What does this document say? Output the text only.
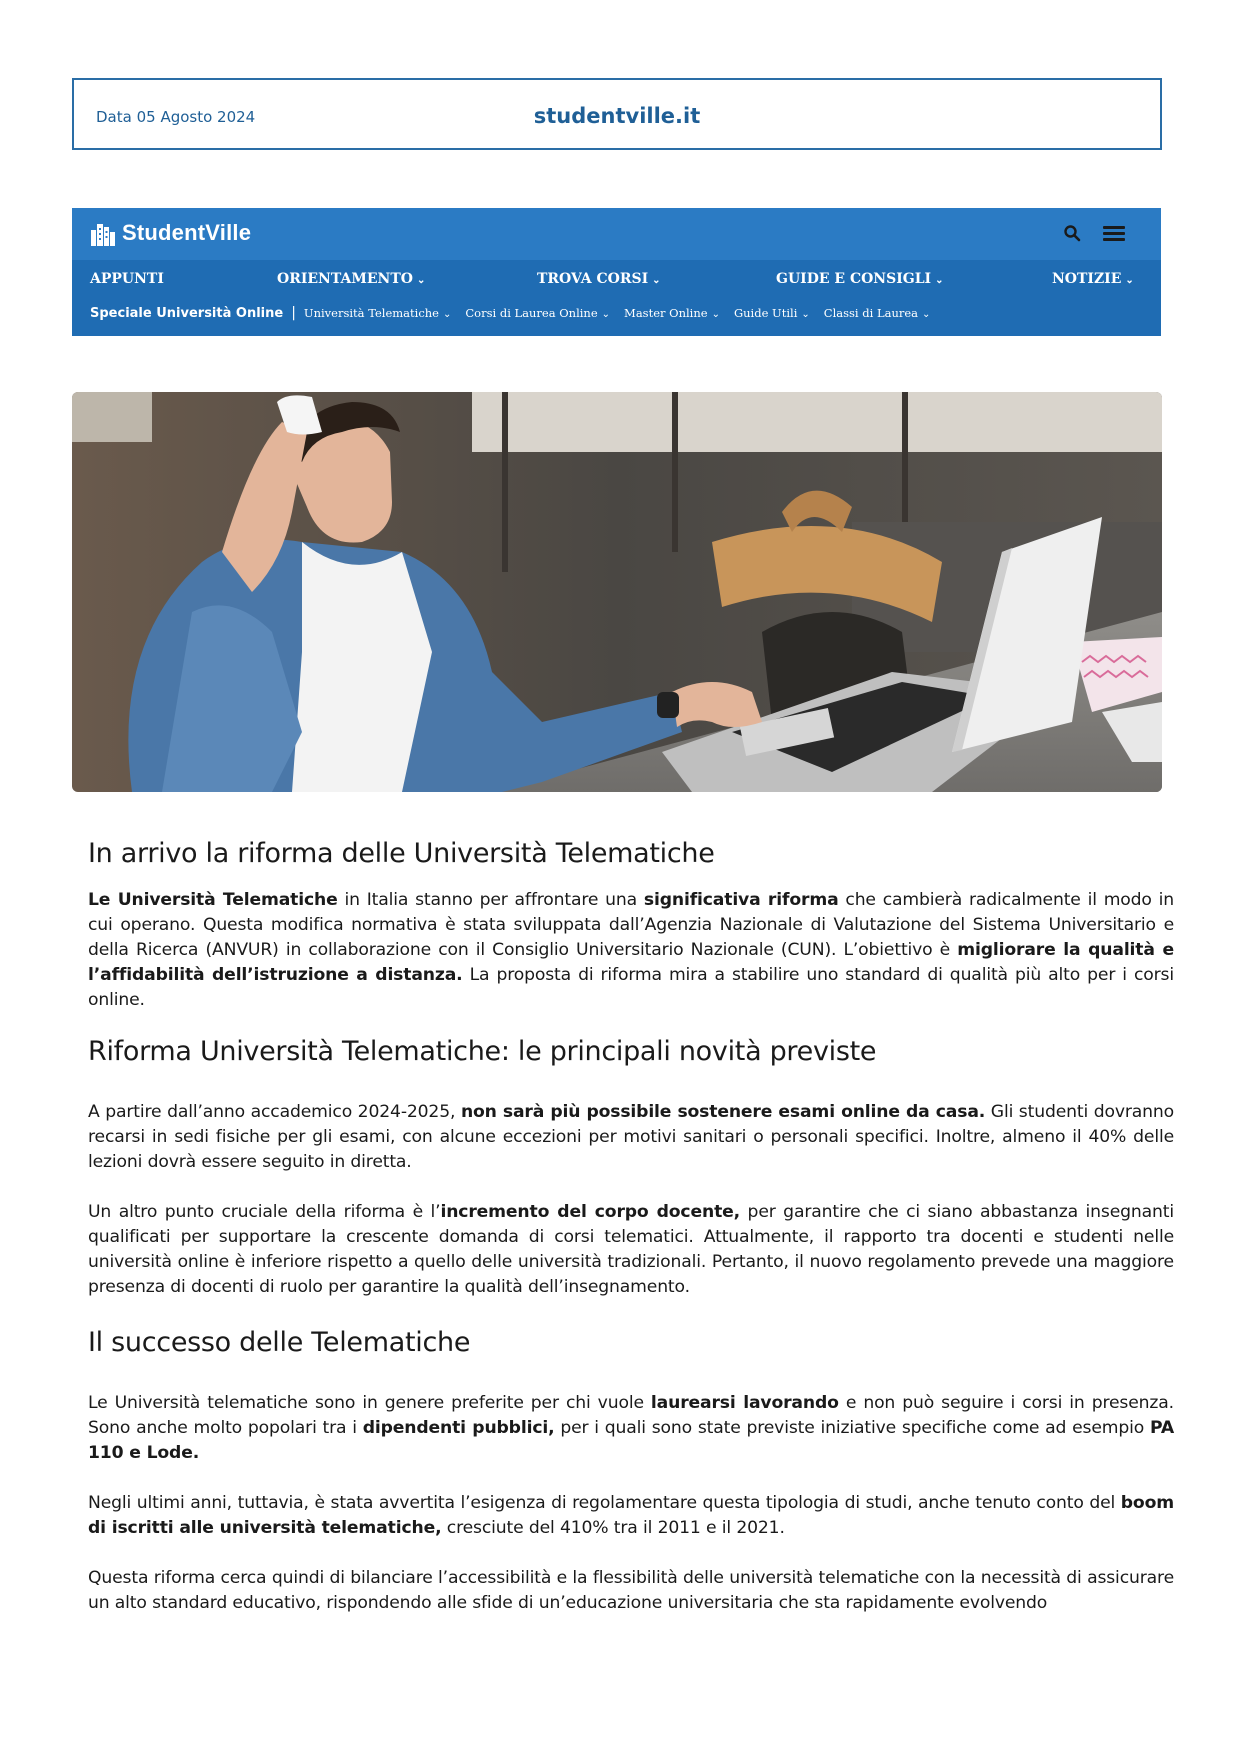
Data 05 Agosto 2024	studentville.it
StudentVille
APPUNTI	ORIENTAMENTO ⌄	TROVA CORSI ⌄	GUIDE E CONSIGLI ⌄	NOTIZIE ⌄
Speciale Università Online | Università Telematiche ⌄ Corsi di Laurea Online ⌄ Master Online ⌄ Guide Utili ⌄ Classi di Laurea ⌄
In arrivo la riforma delle Università Telematiche

Le Università Telematiche in Italia stanno per affrontare una significativa riforma che cambierà radicalmente il modo in cui operano. Questa modifica normativa è stata sviluppata dall’Agenzia Nazionale di Valutazione del Sistema Universitario e della Ricerca (ANVUR) in collaborazione con il Consiglio Universitario Nazionale (CUN). L’obiettivo è migliorare la qualità e l’affidabilità dell’istruzione a distanza. La proposta di riforma mira a stabilire uno standard di qualità più alto per i corsi online.

Riforma Università Telematiche: le principali novità previste

A partire dall’anno accademico 2024-2025, non sarà più possibile sostenere esami online da casa. Gli studenti dovranno recarsi in sedi fisiche per gli esami, con alcune eccezioni per motivi sanitari o personali specifici. Inoltre, almeno il 40% delle lezioni dovrà essere seguito in diretta.

Un altro punto cruciale della riforma è l’incremento del corpo docente, per garantire che ci siano abbastanza insegnanti qualificati per supportare la crescente domanda di corsi telematici. Attualmente, il rapporto tra docenti e studenti nelle università online è inferiore rispetto a quello delle università tradizionali. Pertanto, il nuovo regolamento prevede una maggiore presenza di docenti di ruolo per garantire la qualità dell’insegnamento.

Il successo delle Telematiche

Le Università telematiche sono in genere preferite per chi vuole laurearsi lavorando e non può seguire i corsi in presenza. Sono anche molto popolari tra i dipendenti pubblici, per i quali sono state previste iniziative specifiche come ad esempio PA 110 e Lode.

Negli ultimi anni, tuttavia, è stata avvertita l’esigenza di regolamentare questa tipologia di studi, anche tenuto conto del boom di iscritti alle università telematiche, cresciute del 410% tra il 2011 e il 2021.

Questa riforma cerca quindi di bilanciare l’accessibilità e la flessibilità delle università telematiche con la necessità di assicurare un alto standard educativo, rispondendo alle sfide di un’educazione universitaria che sta rapidamente evolvendo
